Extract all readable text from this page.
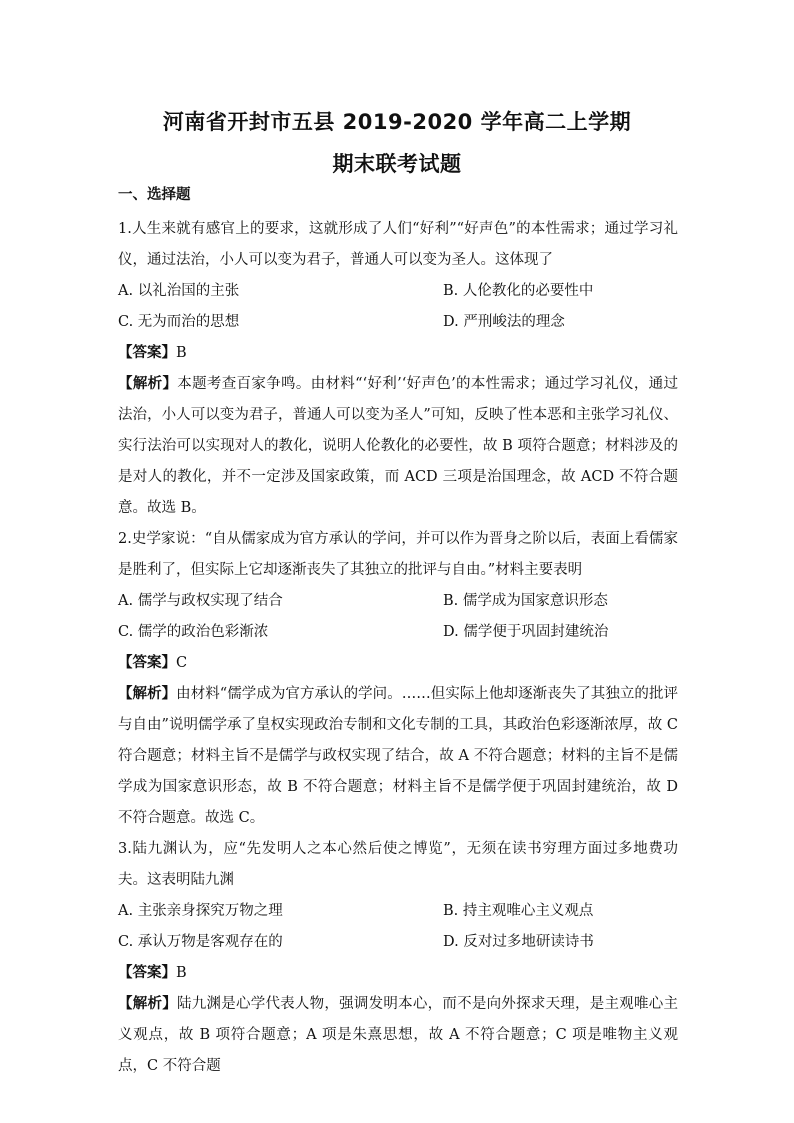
河南省开封市五县 2019-2020 学年高二上学期
期末联考试题
一、选择题

1.人生来就有感官上的要求，这就形成了人们“好利”“好声色”的本性需求；通过学习礼仪，通过法治，小人可以变为君子，普通人可以变为圣人。这体现了

A. 以礼治国的主张	B. 人伦教化的必要性中
C. 无为而治的思想	D. 严刑峻法的理念
【答案】B

【解析】本题考查百家争鸣。由材料“‘好利’‘好声色’的本性需求；通过学习礼仪，通过法治，小人可以变为君子，普通人可以变为圣人”可知，反映了性本恶和主张学习礼仪、实行法治可以实现对人的教化，说明人伦教化的必要性，故 B 项符合题意；材料涉及的是对人的教化，并不一定涉及国家政策，而 ACD 三项是治国理念，故 ACD 不符合题意。故选 B。

2.史学家说：“自从儒家成为官方承认的学问，并可以作为晋身之阶以后，表面上看儒家是胜利了，但实际上它却逐渐丧失了其独立的批评与自由。”材料主要表明

A. 儒学与政权实现了结合	B. 儒学成为国家意识形态
C. 儒学的政治色彩渐浓	D. 儒学便于巩固封建统治
【答案】C

【解析】由材料“儒学成为官方承认的学问。……但实际上他却逐渐丧失了其独立的批评与自由”说明儒学承了皇权实现政治专制和文化专制的工具，其政治色彩逐渐浓厚，故 C 符合题意；材料主旨不是儒学与政权实现了结合，故 A 不符合题意；材料的主旨不是儒学成为国家意识形态，故 B 不符合题意；材料主旨不是儒学便于巩固封建统治，故 D 不符合题意。故选 C。

3.陆九渊认为，应“先发明人之本心然后使之博览”，无须在读书穷理方面过多地费功夫。这表明陆九渊

A. 主张亲身探究万物之理	B. 持主观唯心主义观点
C. 承认万物是客观存在的	D. 反对过多地研读诗书
【答案】B

【解析】陆九渊是心学代表人物，强调发明本心，而不是向外探求天理，是主观唯心主义观点，故 B 项符合题意；A 项是朱熹思想，故 A 不符合题意；C 项是唯物主义观点，C 不符合题
